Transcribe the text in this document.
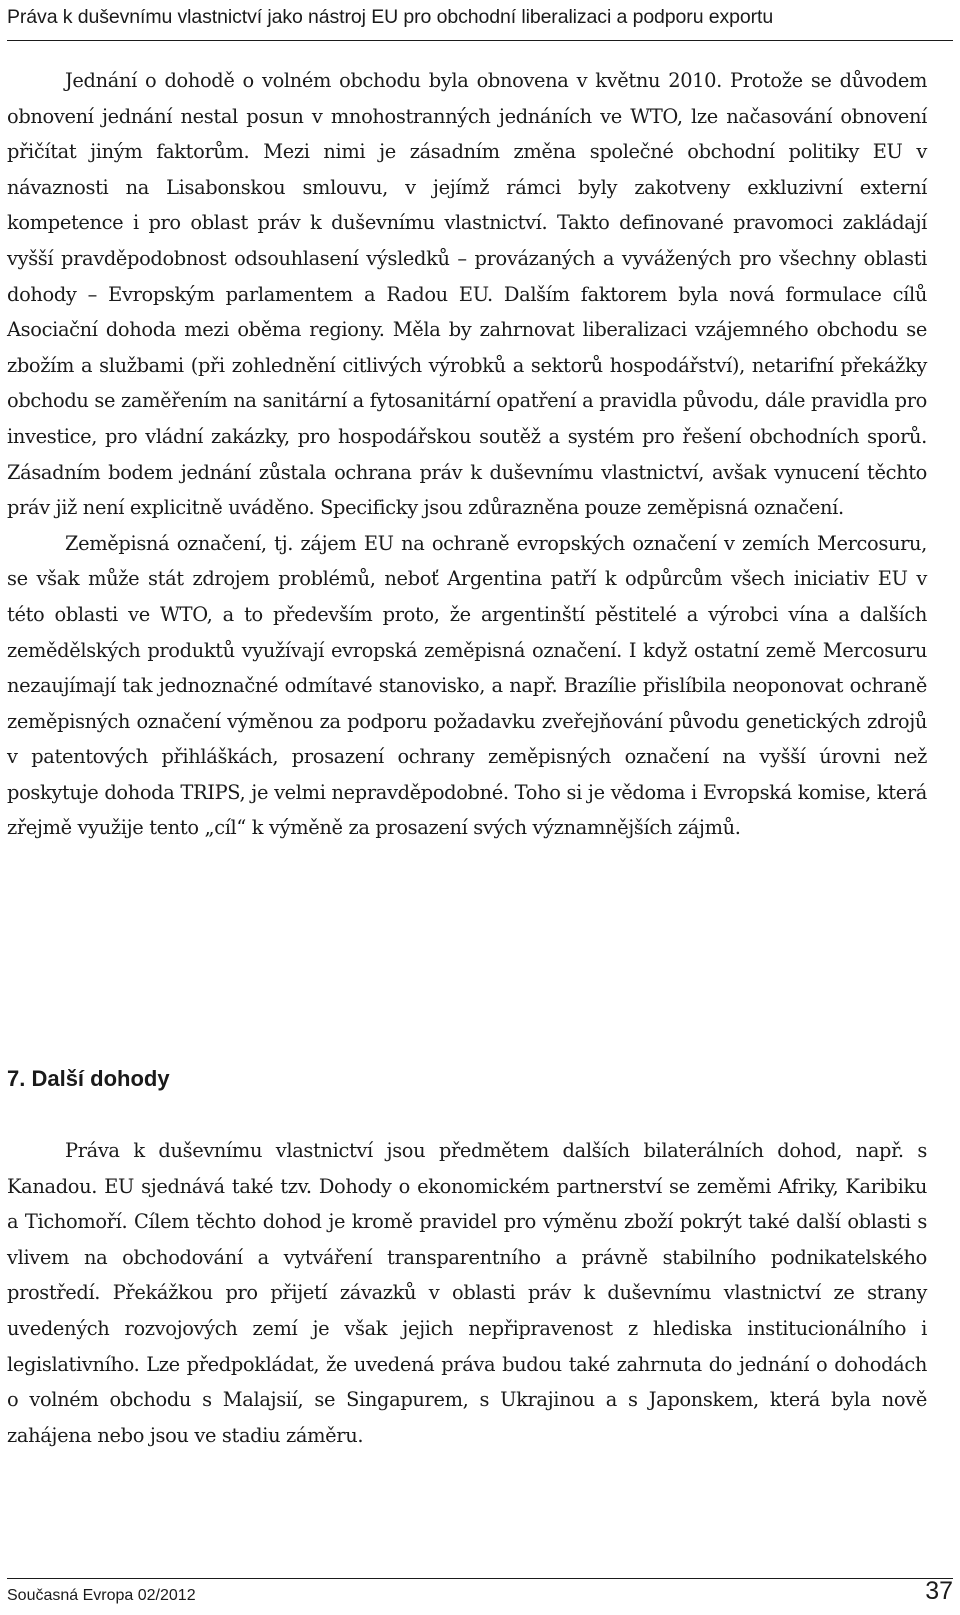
Práva k duševnímu vlastnictví jako nástroj EU pro obchodní liberalizaci a podporu exportu

Jednání o dohodě o volném obchodu byla obnovena v květnu 2010. Protože se důvodem obnovení jednání nestal posun v mnohostranných jednáních ve WTO, lze načasování obnovení přičítat jiným faktorům. Mezi nimi je zásadním změna společné obchodní politiky EU v návaznosti na Lisabonskou smlouvu, v jejímž rámci byly zakotveny exkluzivní externí kompetence i pro oblast práv k duševnímu vlastnictví. Takto definované pravomoci zakládají vyšší pravděpodobnost odsouhlasení výsledků – provázaných a vyvážených pro všechny oblasti dohody – Evropským parlamentem a Radou EU. Dalším faktorem byla nová formulace cílů Asociační dohoda mezi oběma regiony. Měla by zahrnovat liberalizaci vzájemného obchodu se zbožím a službami (při zohlednění citlivých výrobků a sektorů hospodářství), netarifní překážky obchodu se zaměřením na sanitární a fytosanitární opatření a pravidla původu, dále pravidla pro investice, pro vládní zakázky, pro hospodářskou soutěž a systém pro řešení obchodních sporů. Zásadním bodem jednání zůstala ochrana práv k duševnímu vlastnictví, avšak vynucení těchto práv již není explicitně uváděno. Specificky jsou zdůrazněna pouze zeměpisná označení.

Zeměpisná označení, tj. zájem EU na ochraně evropských označení v zemích Mercosuru, se však může stát zdrojem problémů, neboť Argentina patří k odpůrcům všech iniciativ EU v této oblasti ve WTO, a to především proto, že argentinští pěstitelé a výrobci vína a dalších zemědělských produktů využívají evropská zeměpisná označení. I když ostatní země Mercosuru nezaujímají tak jednoznačné odmítavé stanovisko, a např. Brazílie přislíbila neoponovat ochraně zeměpisných označení výměnou za podporu požadavku zveřejňování původu genetických zdrojů v patentových přihláškách, prosazení ochrany zeměpisných označení na vyšší úrovni než poskytuje dohoda TRIPS, je velmi nepravděpodobné. Toho si je vědoma i Evropská komise, která zřejmě využije tento „cíl“ k výměně za prosazení svých významnějších zájmů.

7. Další dohody

Práva k duševnímu vlastnictví jsou předmětem dalších bilaterálních dohod, např. s Kanadou. EU sjednává také tzv. Dohody o ekonomickém partnerství se zeměmi Afriky, Karibiku a Tichomoří. Cílem těchto dohod je kromě pravidel pro výměnu zboží pokrýt také další oblasti s vlivem na obchodování a vytváření transparentního a právně stabilního podnikatelského prostředí. Překážkou pro přijetí závazků v oblasti práv k duševnímu vlastnictví ze strany uvedených rozvojových zemí je však jejich nepřipravenost z hlediska institucionálního i legislativního. Lze předpokládat, že uvedená práva budou také zahrnuta do jednání o dohodách o volném obchodu s Malajsií, se Singapurem, s Ukrajinou a s Japonskem, která byla nově zahájena nebo jsou ve stadiu záměru.

Současná Evropa 02/2012	37
